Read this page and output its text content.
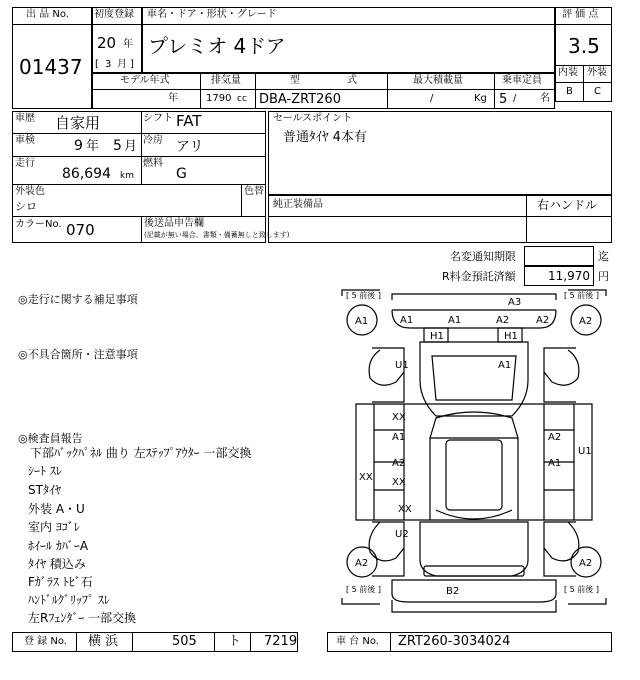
出 品 No.
01437
初度登録
20 年
[ 3 月 ]
車名・ドア・形状・グレード
プレミオ 4ドア
評 価 点
3.5
内装 外装
B C
モデル年式
年
排気量
1790 cc
型	式
DBA-ZRT260
最大積載量
/	Kg
乗車定員
5 / 名
車歴 自家用	シフト FAT
車検	9 年 5 月 冷房 アリ
走行
86,694 km
燃料
G
外装色
シロ
色替
カラーNo. 070	後送品申告欄
(記載が無い場合、書類・備蓄無しと致します)
セールスポイント
普通ﾀｲﾔ 4本有
純正装備品	右ハンドル
名変通知期限	迄
R料金預託済額	11,970 円
◎走行に関する補足事項
◎不具合箇所・注意事項
◎検査員報告
下部ﾊﾞｯｸﾊﾟﾈﾙ 曲り 左ｽﾃｯﾌﾟｱｳﾀｰ 一部交換
ｼｰﾄ ｽﾚ
STﾀｲﾔ
外装 A・U
室内 ﾖｺﾞﾚ
ﾎｲｰﾙ ｶﾊﾞｰA
ﾀｲﾔ 積込み
Fｶﾞﾗｽ ﾄﾋﾞ石
ﾊﾝﾄﾞﾙｸﾞﾘｯﾌﾟ ｽﾚ
左Rﾌｪﾝﾀﾞｰ 一部交換
[ 5 前後 ]	[ 5 前後 ]
[ 5 前後 ]	[ 5 前後 ]
A3
A1	A1	A2	A2
A1	A2
H1	H1
A1
U1
XX
A1
A2
XX
XX
A2
A1
U1
XX
U2
A2	A2
B2
登 録 No. 横 浜	505 ト 7219	車 台 No. ZRT260-3034024
